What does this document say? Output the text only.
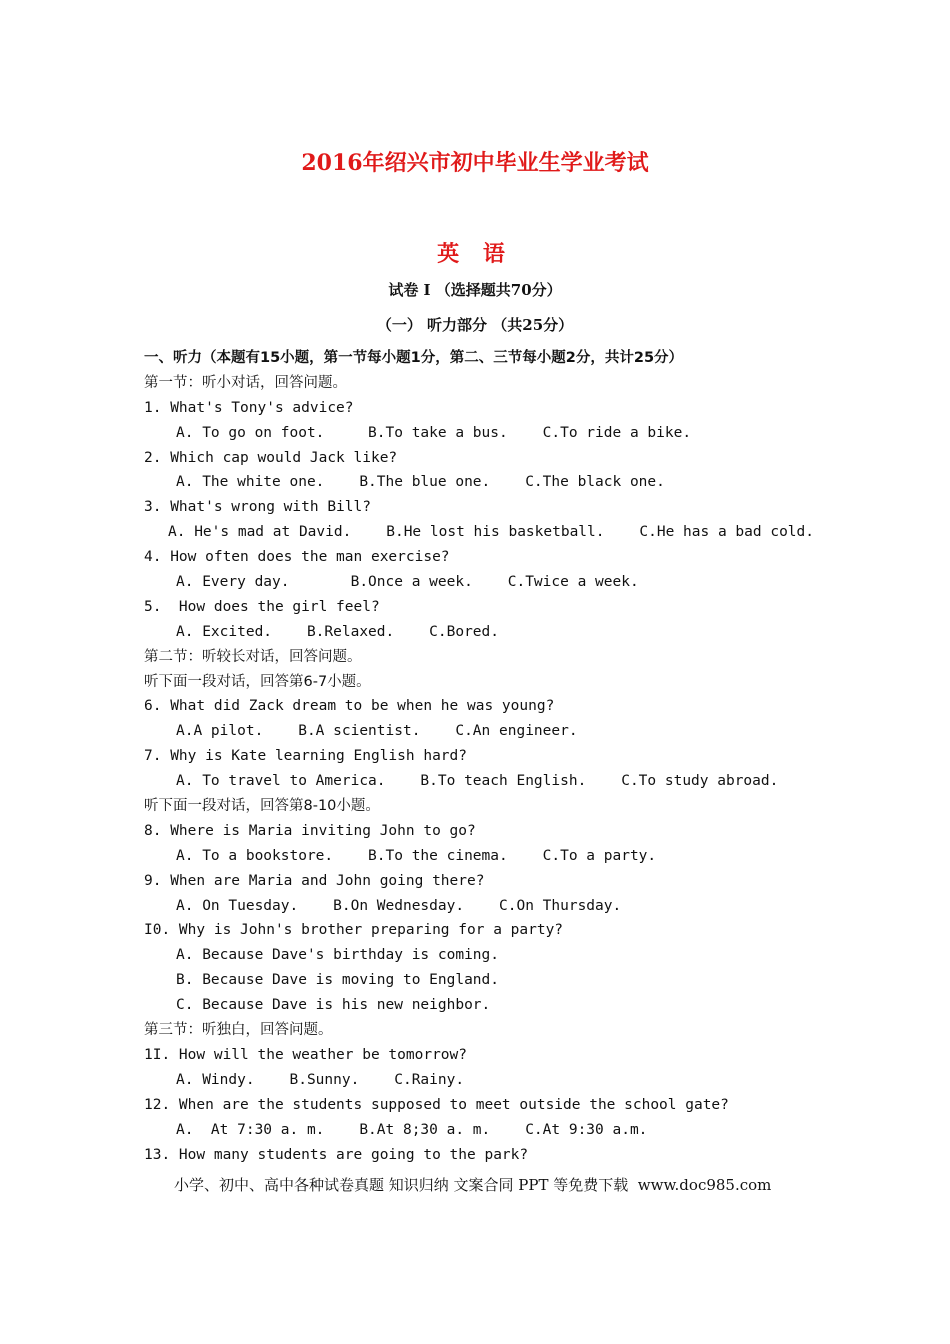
2016年绍兴市初中毕业生学业考试
英 语
试卷 Ⅰ （选择题共70分）
（一） 听力部分 （共25分）
一、听力（本题有15小题，第一节每小题1分，第二、三节每小题2分，共计25分）
第一节：听小对话，回答问题。
1. What's Tony's advice?
A. To go on foot.     B.To take a bus.    C.To ride a bike.
2. Which cap would Jack like?
A. The white one.    B.The blue one.    C.The black one.
3. What's wrong with Bill?
A. He's mad at David.    B.He lost his basketball.    C.He has a bad cold.
4. How often does the man exercise?
A. Every day.       B.Once a week.    C.Twice a week.
5.  How does the girl feel?
A. Excited.    B.Relaxed.    C.Bored.
第二节：听较长对话，回答问题。
听下面一段对话，回答第6-7小题。
6. What did Zack dream to be when he was young?
A.A pilot.    B.A scientist.    C.An engineer.
7. Why is Kate learning English hard?
A. To travel to America.    B.To teach English.    C.To study abroad.
听下面一段对话，回答第8-10小题。
8. Where is Maria inviting John to go?
A. To a bookstore.    B.To the cinema.    C.To a party.
9. When are Maria and John going there?
A. On Tuesday.    B.On Wednesday.    C.On Thursday.
I0. Why is John's brother preparing for a party?
A. Because Dave's birthday is coming.
B. Because Dave is moving to England.
C. Because Dave is his new neighbor.
第三节：听独白，回答问题。
1I. How will the weather be tomorrow?
A. Windy.    B.Sunny.    C.Rainy.
12. When are the students supposed to meet outside the school gate?
A.  At 7:30 a. m.    B.At 8;30 a. m.    C.At 9:30 a.m.
13. How many students are going to the park?
小学、初中、高中各种试卷真题 知识归纳 文案合同 PPT 等免费下载  www.doc985.com
